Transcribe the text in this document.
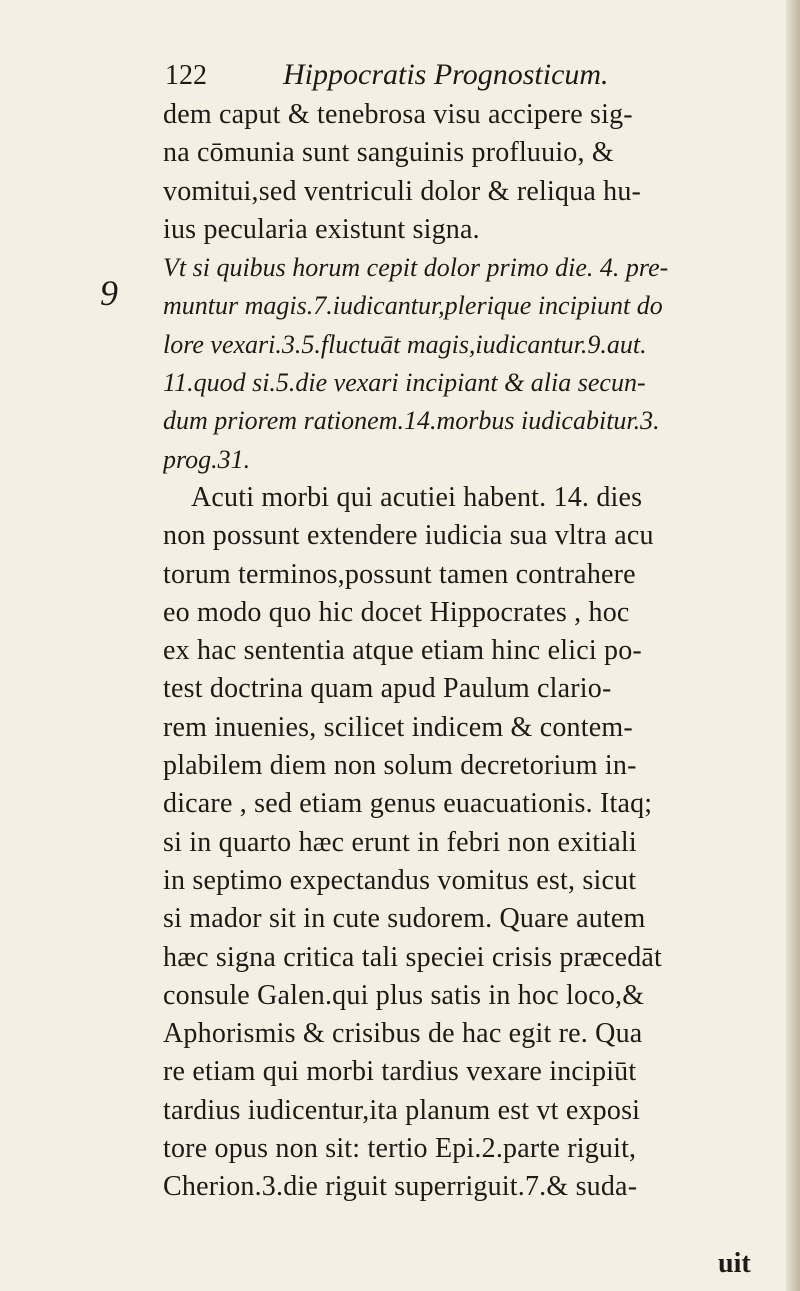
122	Hippocratis Prognosticum.
9
dem caput & tenebrosa visu accipere sig-
na cōmunia sunt sanguinis profluuio, &
vomitui,sed ventriculi dolor & reliqua hu-
ius pecularia existunt signa.
Vt si quibus horum cepit dolor primo die. 4. pre-
muntur magis.7.iudicantur,plerique incipiunt do
lore vexari.3.5.fluctuāt magis,iudicantur.9.aut.
11.quod si.5.die vexari incipiant & alia secun-
dum priorem rationem.14.morbus iudicabitur.3.
prog.31.
Acuti morbi qui acutiei habent. 14. dies
non possunt extendere iudicia sua vltra acu
torum terminos,possunt tamen contrahere
eo modo quo hic docet Hippocrates , hoc
ex hac sententia atque etiam hinc elici po-
test doctrina quam apud Paulum clario-
rem inuenies, scilicet indicem & contem-
plabilem diem non solum decretorium in-
dicare , sed etiam genus euacuationis. Itaq;
si in quarto hæc erunt in febri non exitiali
in septimo expectandus vomitus est, sicut
si mador sit in cute sudorem. Quare autem
hæc signa critica tali speciei crisis præcedāt
consule Galen.qui plus satis in hoc loco,&
Aphorismis & crisibus de hac egit re. Qua
re etiam qui morbi tardius vexare incipiūt
tardius iudicentur,ita planum est vt exposi
tore opus non sit: tertio Epi.2.parte riguit,
Cherion.3.die riguit superriguit.7.& suda-
uit
